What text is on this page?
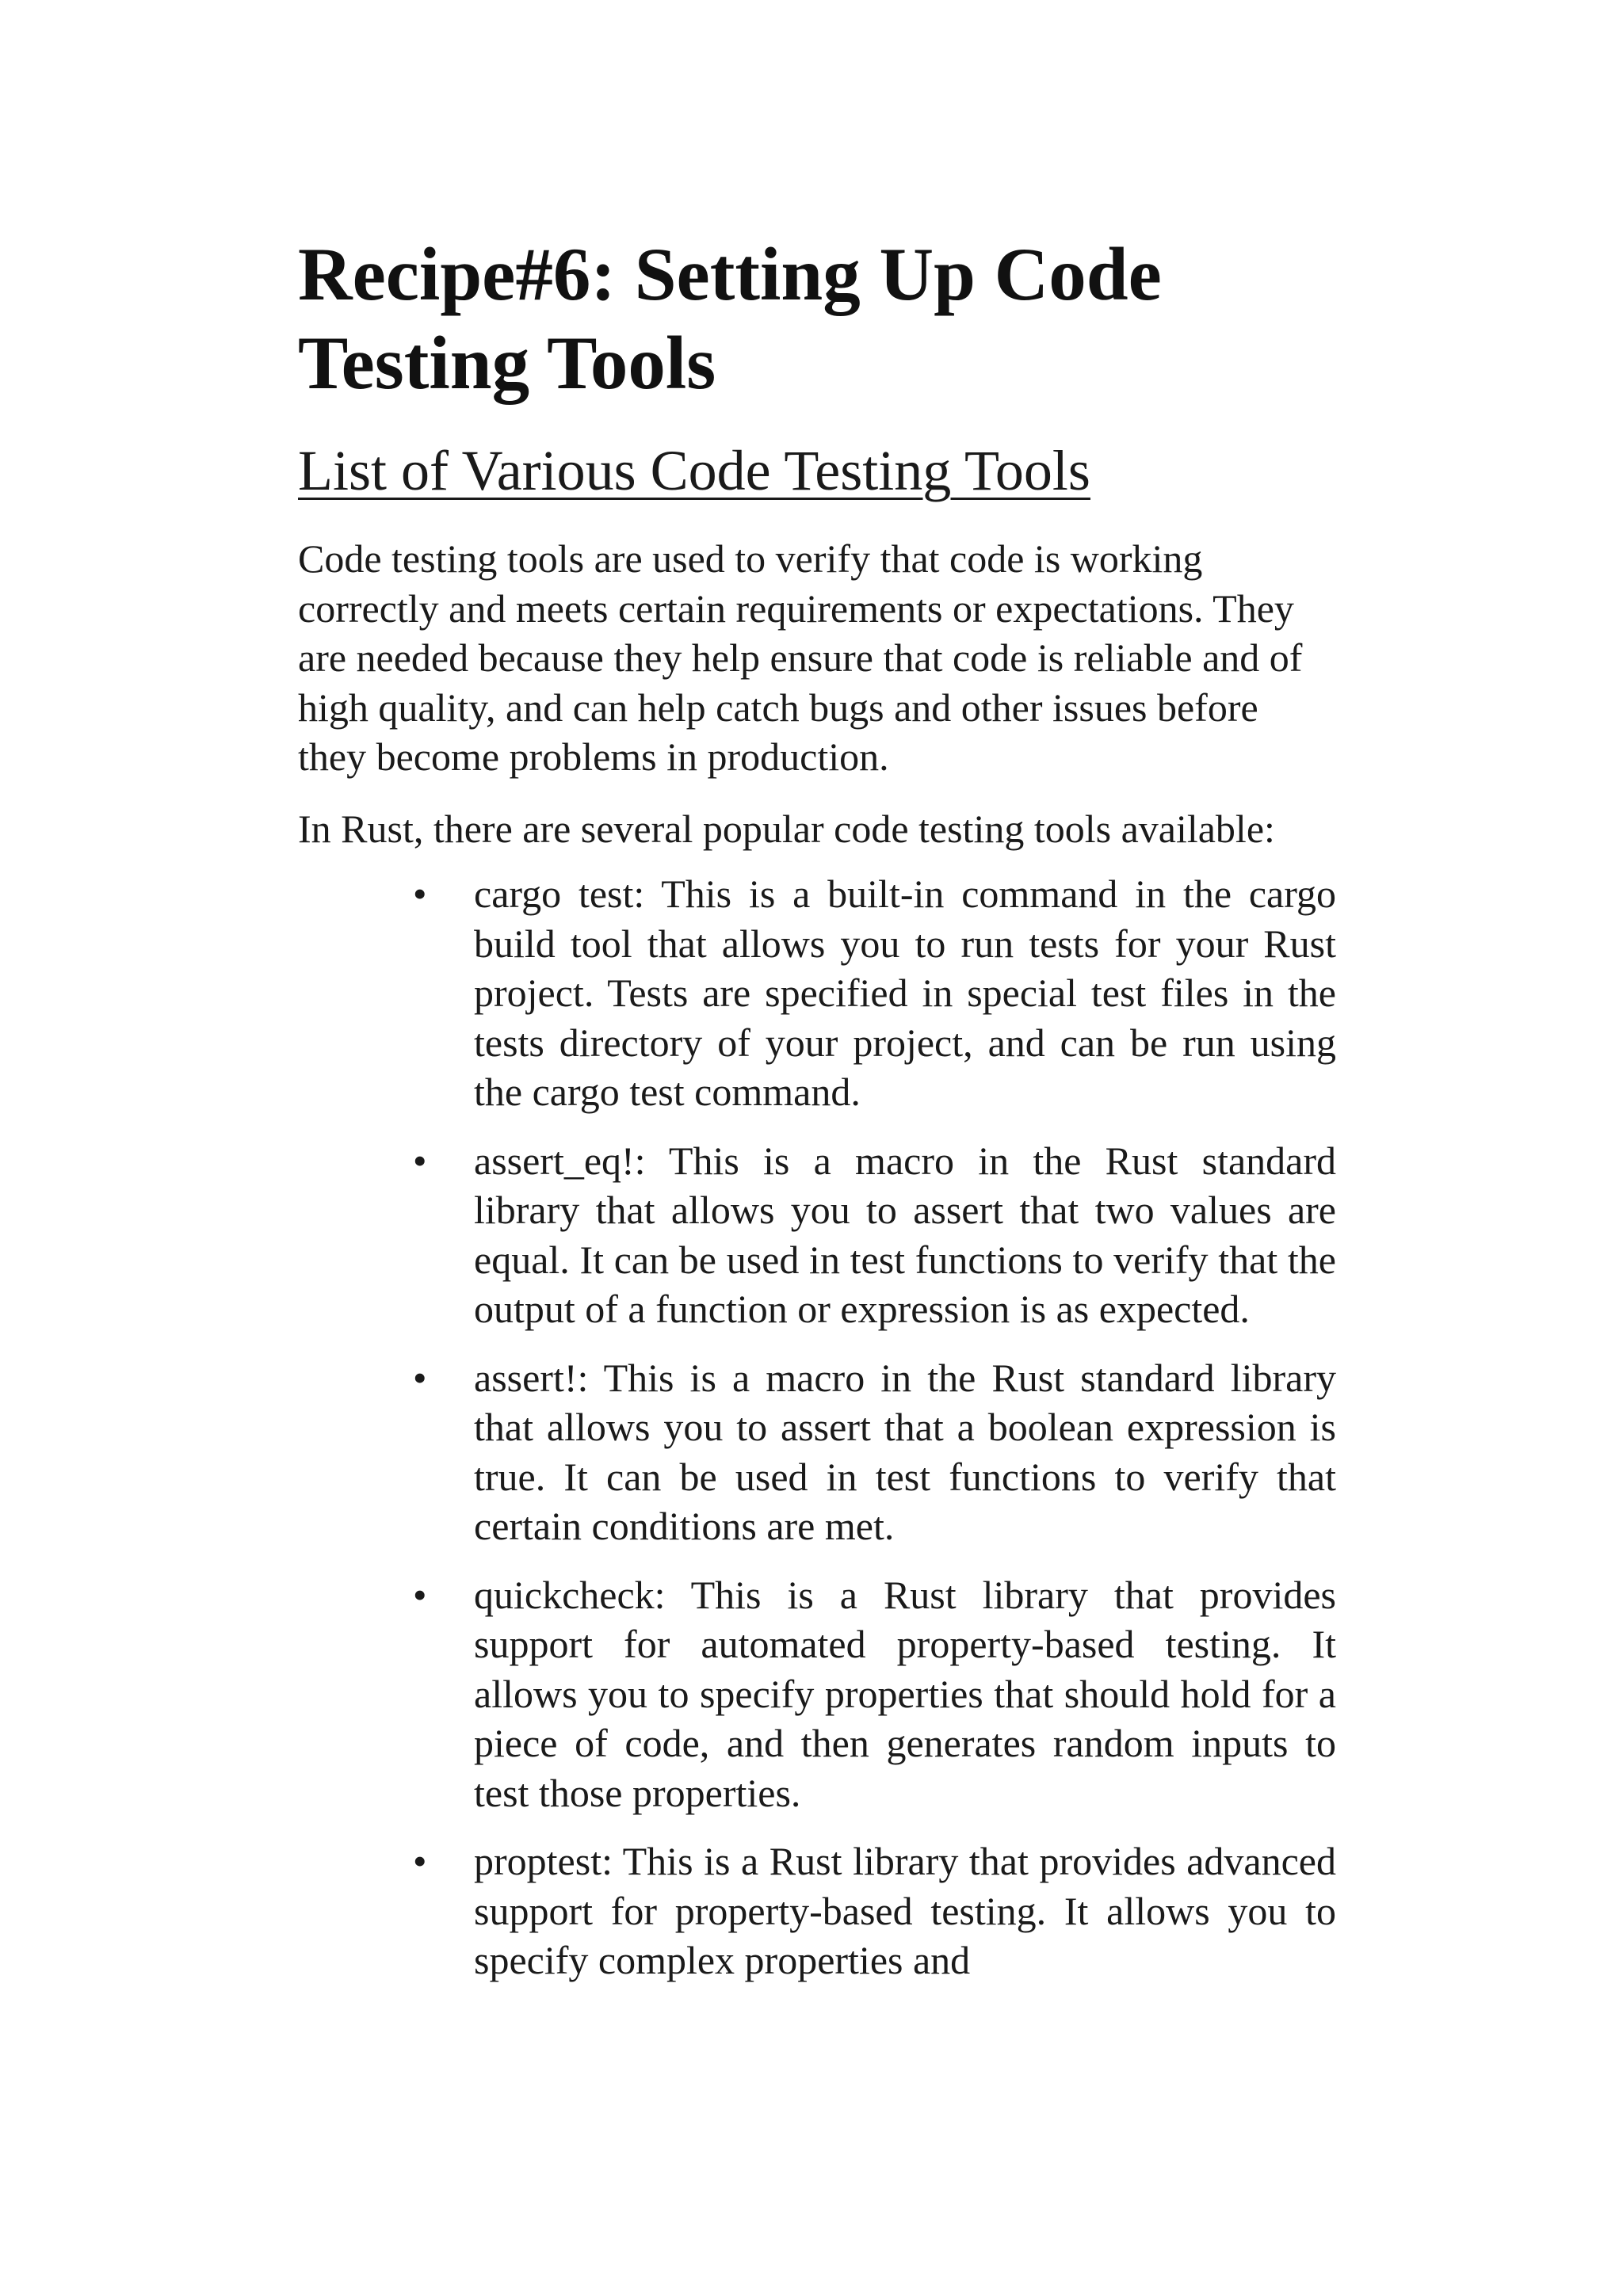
Recipe#6: Setting Up Code Testing Tools
List of Various Code Testing Tools

Code testing tools are used to verify that code is working correctly and meets certain requirements or expectations. They are needed because they help ensure that code is reliable and of high quality, and can help catch bugs and other issues before they become problems in production.

In Rust, there are several popular code testing tools available:

• cargo test: This is a built-in command in the cargo build tool that allows you to run tests for your Rust project. Tests are specified in special test files in the tests directory of your project, and can be run using the cargo test command.
• assert_eq!: This is a macro in the Rust standard library that allows you to assert that two values are equal. It can be used in test functions to verify that the output of a function or expression is as expected.
• assert!: This is a macro in the Rust standard library that allows you to assert that a boolean expression is true. It can be used in test functions to verify that certain conditions are met.
• quickcheck: This is a Rust library that provides support for automated property-based testing. It allows you to specify properties that should hold for a piece of code, and then generates random inputs to test those properties.
• proptest: This is a Rust library that provides advanced support for property-based testing. It allows you to specify complex properties and
